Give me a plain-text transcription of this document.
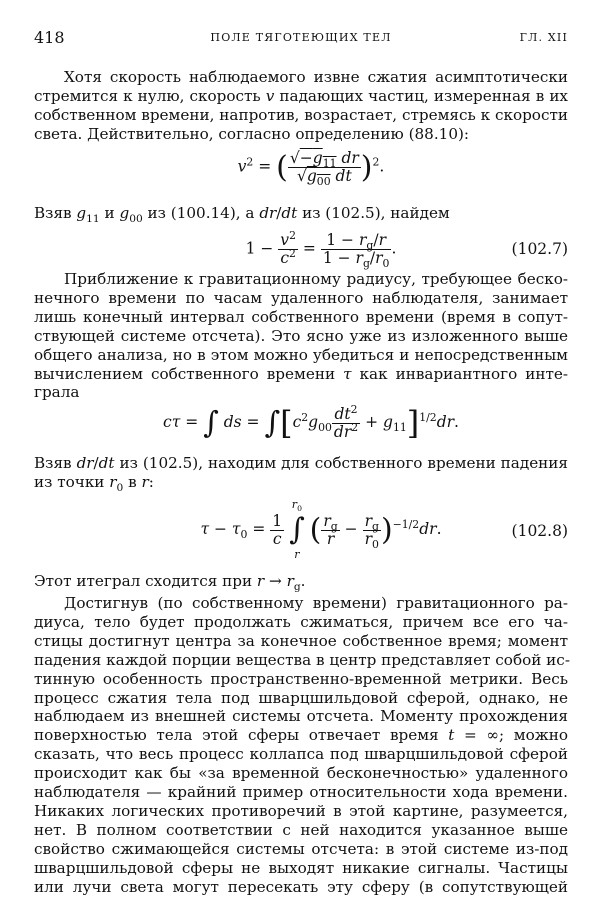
418	ПОЛЕ ТЯГОТЕЮЩИХ ТЕЛ	ГЛ. XII
Хотя скорость наблюдаемого извне сжатия асимптотически
стремится к нулю, скорость v падающих частиц, измеренная в их
собственном времени, напротив, возрастает, стремясь к скорости
света. Действительно, согласно определению (88.10):
$v^2$ = ( $\frac{√-g_{11} dr}{√g_{00} dt} )^2$.
Взяв $g_{11}$ и $g_{00}$ из (100.14), а dr/dt из (102.5), найдем
$1 - \frac{v^2}{c^2} = \frac{1 - r_g/r}{1 - r_g/r_0}$ .	(102.7)
Приближение к гравитационному радиусу, требующее беско-
нечного времени по часам удаленного наблюдателя, занимает
лишь конечный интервал собственного времени (время в сопут-
ствующей системе отсчета). Это ясно уже из изложенного выше
общего анализа, но в этом можно убедиться и непосредственным
вычислением собственного времени τ как инвариантного инте-
грала
cτ = ∫ ds = $\int[c^2g_{00} \frac{dt^2}{dr^2} + g_{11}]^{1/2}dr$.
Взяв dr/dt из (102.5), находим для собственного времени падения
из точки $r_0$ в r:
$\tau - \tau_0 = \frac{1}{c}$

$r_0$
∫
r
( $\frac{r_g}{r} - \frac{r_g}{r_0} )^{-1/2}dr$.	(102.8)
Этот итеграл сходится при $r \to r_g$.
Достигнув (по собственному времени) гравитационного ра-
диуса, тело будет продолжать сжиматься, причем все его ча-
стицы достигнут центра за конечное собственное время; момент
падения каждой порции вещества в центр представляет собой ис-
тинную особенность пространственно-временной метрики. Весь
процесс сжатия тела под шварцшильдовой сферой, однако, не
наблюдаем из внешней системы отсчета. Моменту прохождения
поверхностью тела этой сферы отвечает время t = ∞; можно
сказать, что весь процесс коллапса под шварцшильдовой сферой
происходит как бы «за временной бесконечностью» удаленного
наблюдателя — крайний пример относительности хода времени.
Никаких логических противоречий в этой картине, разумеется,
нет. В полном соответствии с ней находится указанное выше
свойство сжимающейся системы отсчета: в этой системе из-под
шварцшильдовой сферы не выходят никакие сигналы. Частицы
или лучи света могут пересекать эту сферу (в сопутствующей
